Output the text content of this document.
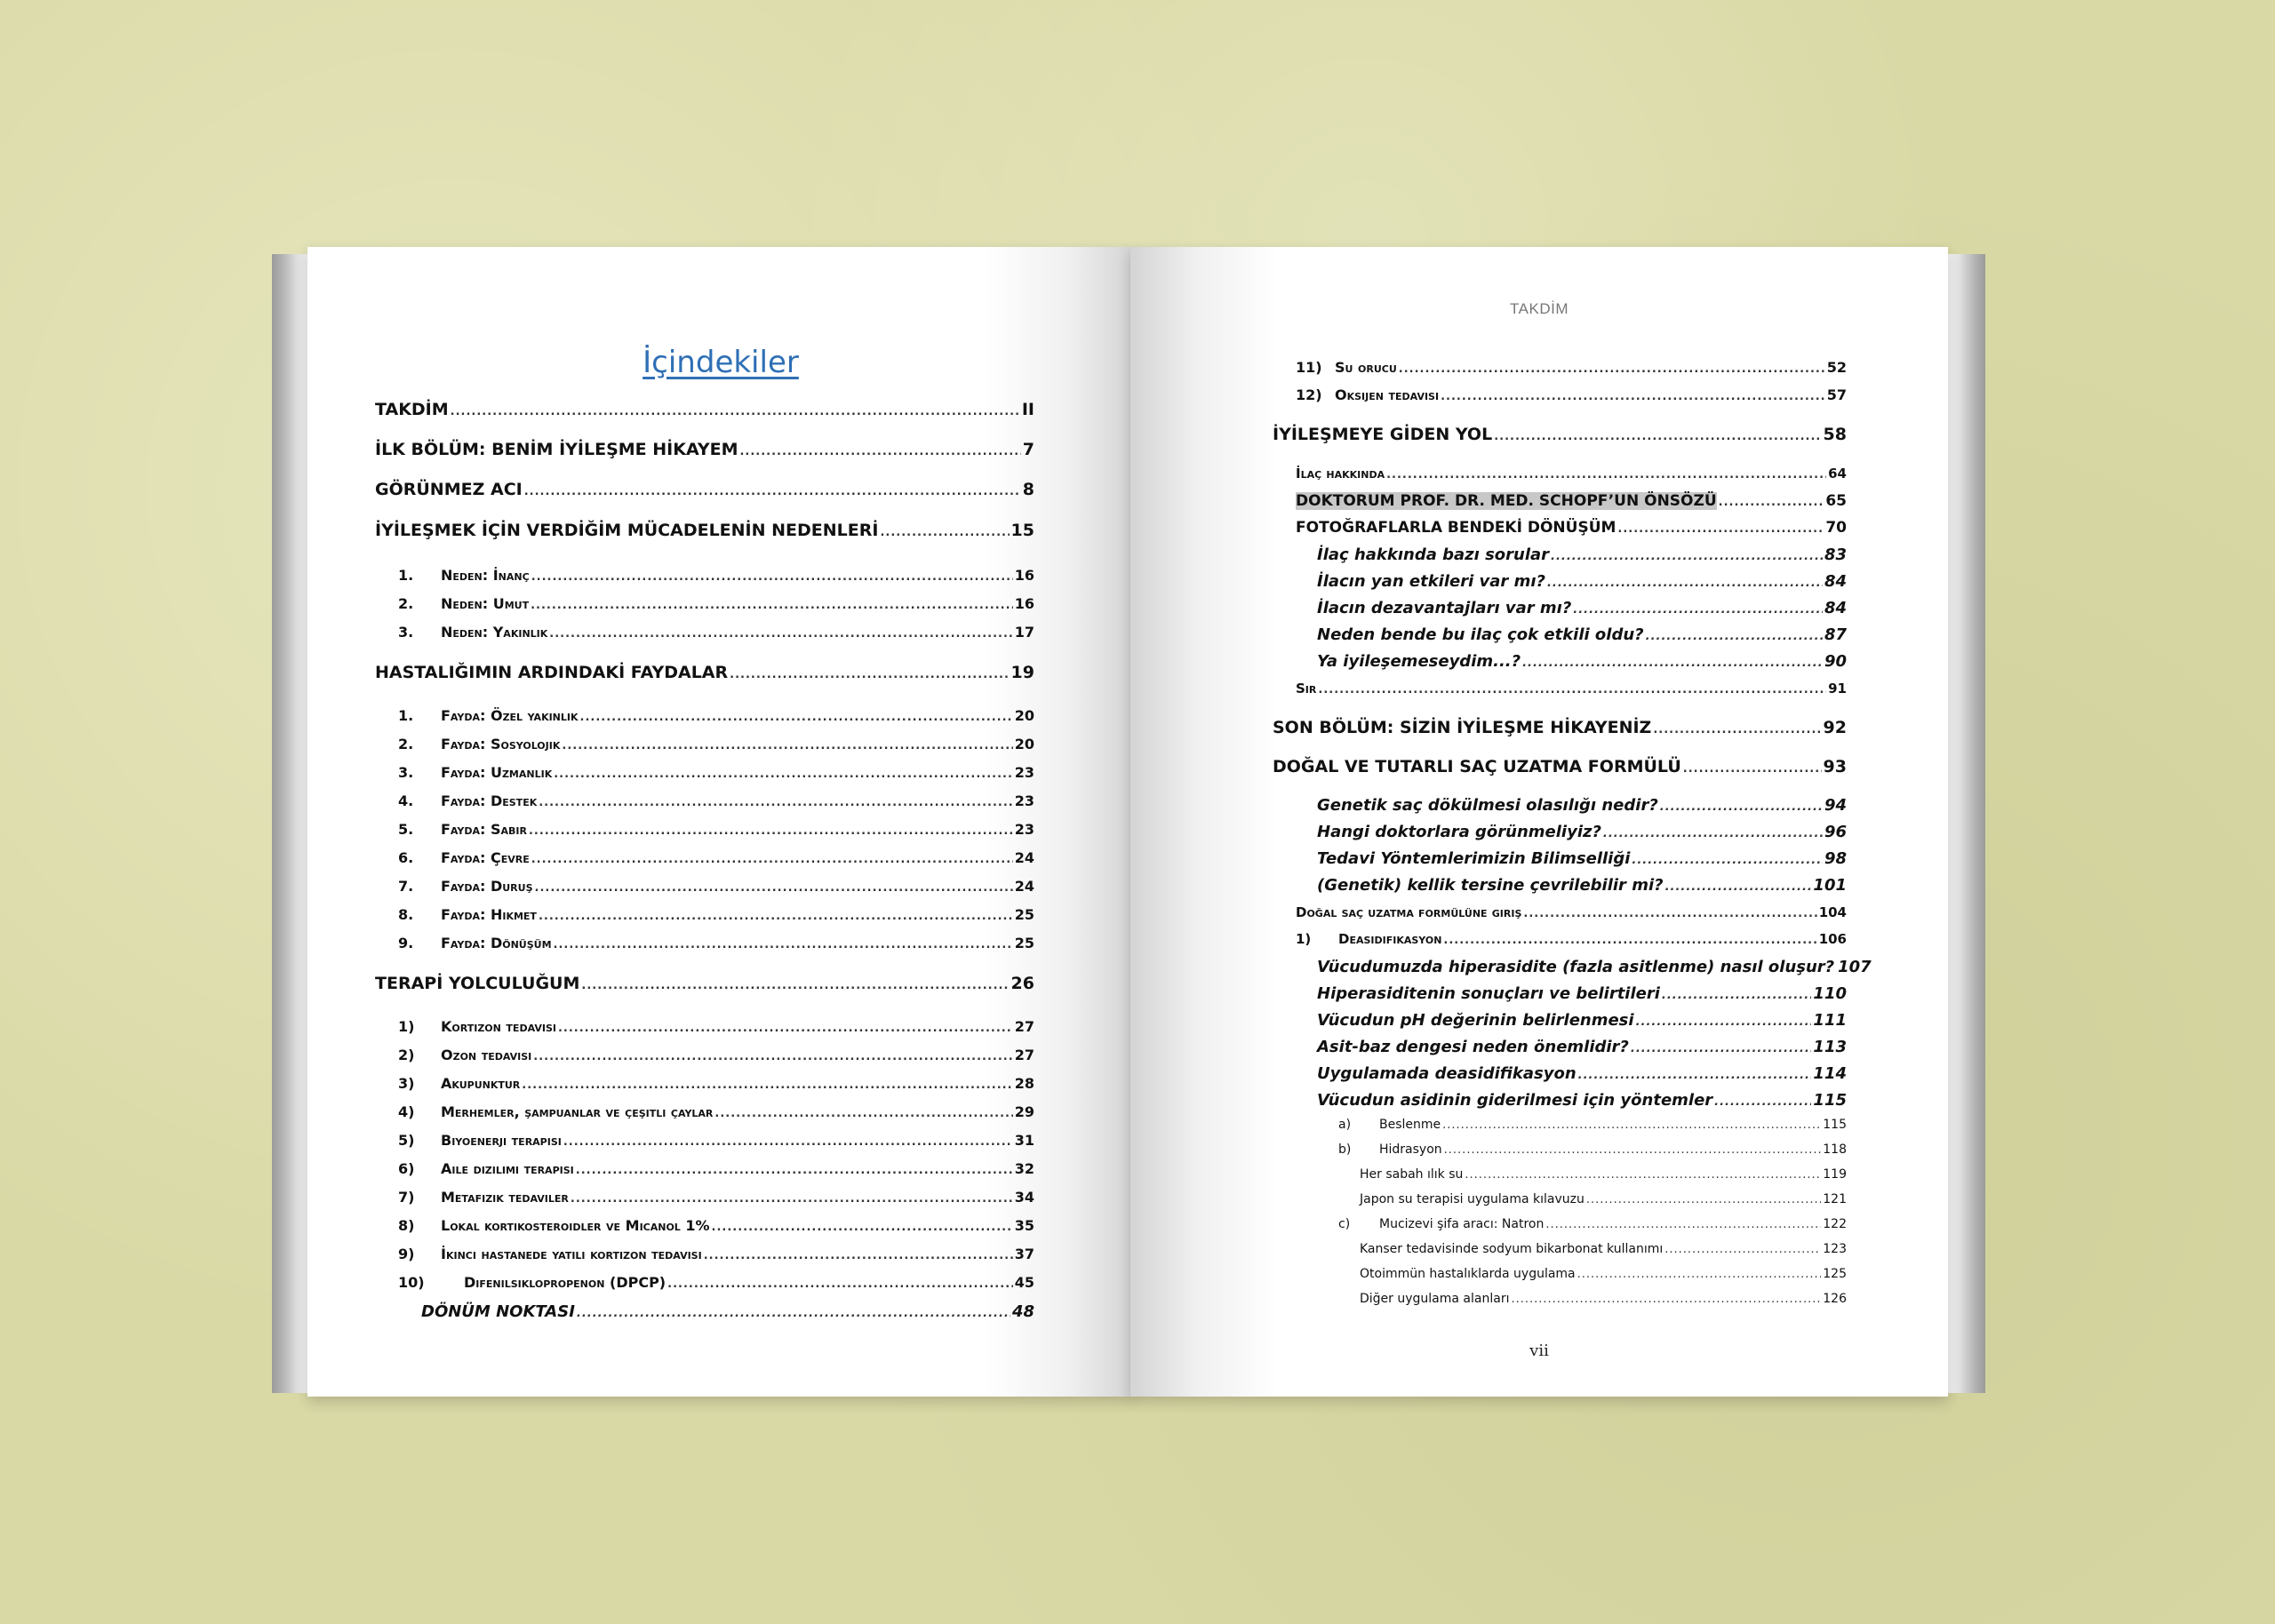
İçindekiler
TAKDİM .....	II
İLK BÖLÜM: BENİM İYİLEŞME HİKAYEM .....	7
GÖRÜNMEZ ACI .....	8
İYİLEŞMEK İÇİN VERDİĞİM MÜCADELENİN NEDENLERİ .....	15
1.	Neden: İnanç .....	16
2.	Neden: Umut .....	16
3.	Neden: Yakınlık .....	17
HASTALIĞIMIN ARDINDAKİ FAYDALAR .....	19
1.	Fayda: Özel yakınlık .....	20
2.	Fayda: Sosyolojik .....	20
3.	Fayda: Uzmanlık .....	23
4.	Fayda: Destek .....	23
5.	Fayda: Sabır .....	23
6.	Fayda: Çevre .....	24
7.	Fayda: Duruş .....	24
8.	Fayda: Hikmet .....	25
9.	Fayda: Dönüşüm .....	25
TERAPİ YOLCULUĞUM .....	26
1)	Kortizon tedavisi .....	27
2)	Ozon tedavisi .....	27
3)	Akupunktur .....	28
4)	Merhemler, şampuanlar ve çeşitli çaylar .....	29
5)	Biyoenerji terapisi .....	31
6)	Aile dizilimi terapisi .....	32
7)	Metafizik tedaviler .....	34
8)	Lokal kortikosteroidler ve Micanol 1% .....	35
9)	İkinci hastanede yatılı kortizon tedavisi .....	37
10)	Difenilsiklopropenon (DPCP) .....	45
DÖNÜM NOKTASI .....	48
TAKDİM
11) Su orucu .....	52
12) Oksijen tedavisi .....	57
İYİLEŞMEYE GİDEN YOL .....	58
İlaç hakkında .....	64
DOKTORUM PROF. DR. MED. SCHOPF’UN ÖNSÖZÜ .....	65
FOTOĞRAFLARLA BENDEKİ DÖNÜŞÜM .....	70
İlaç hakkında bazı sorular .....	83
İlacın yan etkileri var mı? .....	84
İlacın dezavantajları var mı? .....	84
Neden bende bu ilaç çok etkili oldu? .....	87
Ya iyileşemeseydim...? .....	90
Sır .....	91
SON BÖLÜM: SİZİN İYİLEŞME HİKAYENİZ .....	92
DOĞAL VE TUTARLI SAÇ UZATMA FORMÜLÜ .....	93
Genetik saç dökülmesi olasılığı nedir? .....	94
Hangi doktorlara görünmeliyiz? .....	96
Tedavi Yöntemlerimizin Bilimselliği .....	98
(Genetik) kellik tersine çevrilebilir mi? .....	101
Doğal saç uzatma formülüne giriş .....	104
1)	Deasidifikasyon .....	106
Vücudumuzda hiperasidite (fazla asitlenme) nasıl oluşur? 107
Hiperasiditenin sonuçları ve belirtileri .....	110
Vücudun pH değerinin belirlenmesi .....	111
Asit-baz dengesi neden önemlidir? .....	113
Uygulamada deasidifikasyon .....	114
Vücudun asidinin giderilmesi için yöntemler .....	115
a)	Beslenme .....	115
b)	Hidrasyon .....	118
Her sabah ılık su .....	119
Japon su terapisi uygulama kılavuzu .....	121
c)	Mucizevi şifa aracı: Natron .....	122
Kanser tedavisinde sodyum bikarbonat kullanımı .....	123
Otoimmün hastalıklarda uygulama .....	125
Diğer uygulama alanları .....	126
vii
